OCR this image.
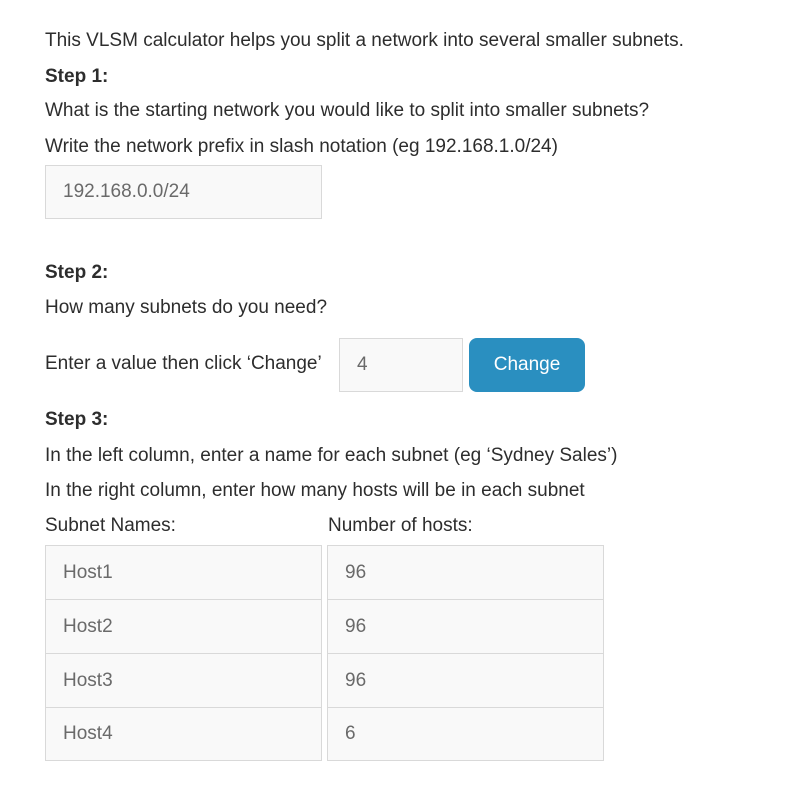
This VLSM calculator helps you split a network into several smaller subnets.
Step 1:
What is the starting network you would like to split into smaller subnets?
Write the network prefix in slash notation (eg 192.168.1.0/24)
192.168.0.0/24
Step 2:
How many subnets do you need?
Enter a value then click ‘Change’
4	Change
Step 3:
In the left column, enter a name for each subnet (eg ‘Sydney Sales’)
In the right column, enter how many hosts will be in each subnet
Subnet Names:	Number of hosts:
Host1
96
Host2
96
Host3
96
Host4
6
